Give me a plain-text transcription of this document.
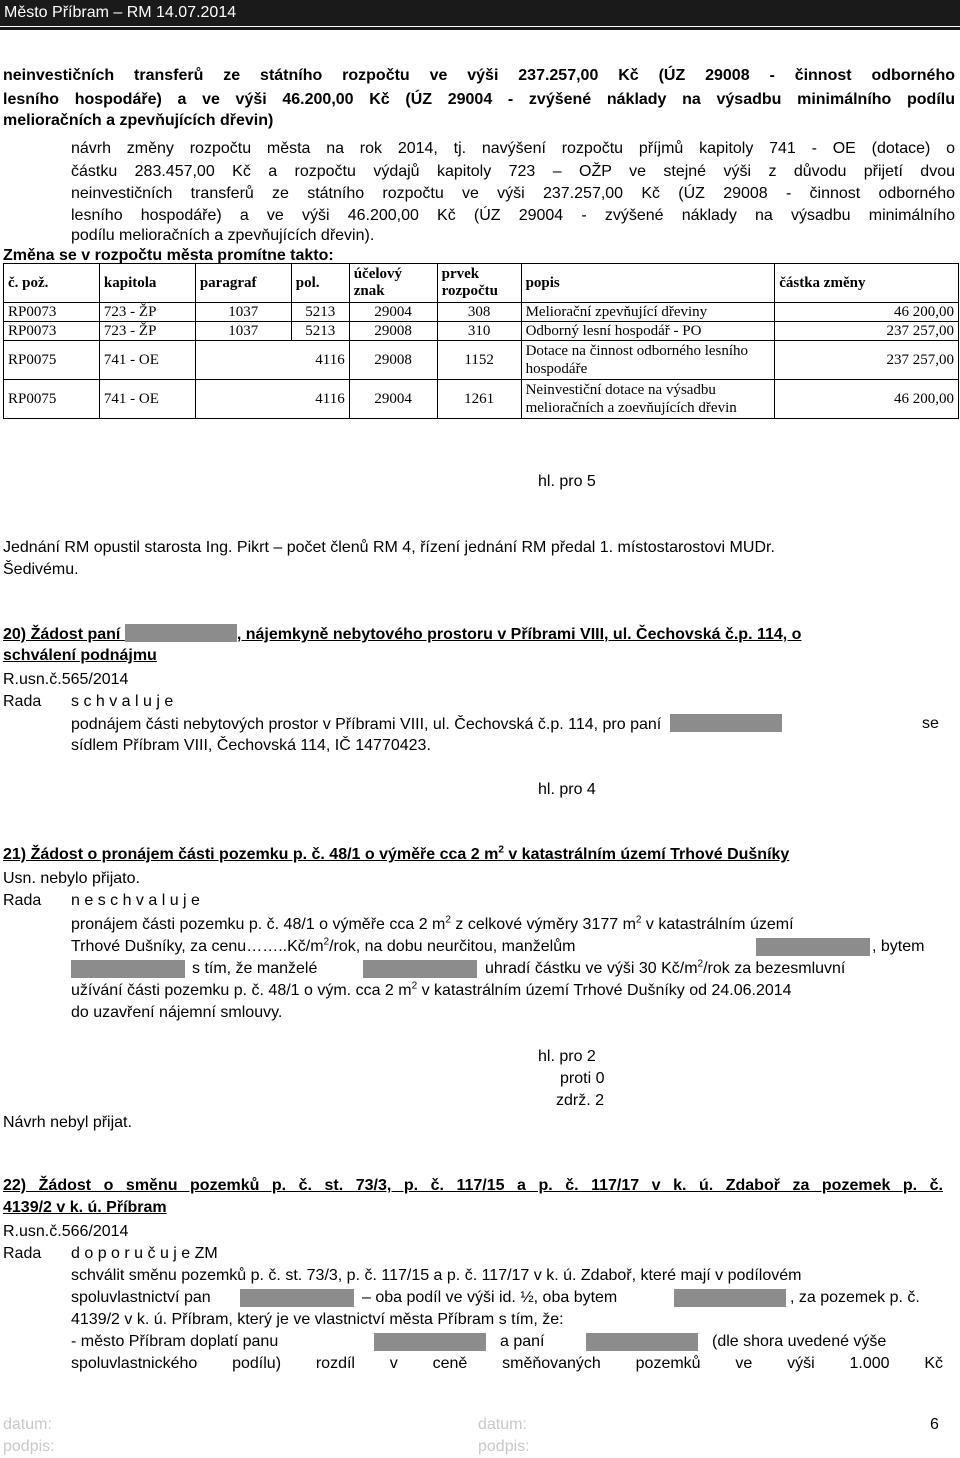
Město Příbram – RM 14.07.2014
neinvestičních transferů ze státního rozpočtu ve výši 237.257,00 Kč (ÚZ 29008 - činnost odborného
lesního hospodáře) a ve výši 46.200,00 Kč (ÚZ 29004 - zvýšené náklady na výsadbu minimálního podílu
melioračních a zpevňujících dřevin)
návrh změny rozpočtu města na rok 2014, tj. navýšení rozpočtu příjmů kapitoly 741 - OE (dotace) o
částku 283.457,00 Kč a rozpočtu výdajů kapitoly 723 – OŽP ve stejné výši z důvodu přijetí dvou
neinvestičních transferů ze státního rozpočtu ve výši 237.257,00 Kč (ÚZ 29008 - činnost odborného
lesního hospodáře) a ve výši 46.200,00 Kč (ÚZ 29004 - zvýšené náklady na výsadbu minimálního
podílu melioračních a zpevňujících dřevin).
Změna se v rozpočtu města promítne takto:
č. pož.	kapitola	paragraf	pol.	účelový znak	prvek rozpočtu	popis	částka změny
RP0073	723 - ŽP	1037	5213	29004	308	Meliorační zpevňující dřeviny	46 200,00
RP0073	723 - ŽP	1037	5213	29008	310	Odborný lesní hospodář - PO	237 257,00
RP0075	741 - OE	4116		29008	1152	Dotace na činnost odborného lesního hospodáře	237 257,00
RP0075	741 - OE	4116		29004	1261	Neinvestiční dotace na výsadbu melioračních a zoevňujících dřevin	46 200,00
hl. pro 5
Jednání RM opustil starosta Ing. Pikrt – počet členů RM 4, řízení jednání RM předal 1. místostarostovi MUDr.
Šedivému.
20) Žádost paní	, nájemkyně nebytového prostoru v Příbrami VIII, ul. Čechovská č.p. 114, o
schválení podnájmu
R.usn.č.565/2014
Rada s c h v a l u j e
podnájem části nebytových prostor v Příbrami VIII, ul. Čechovská č.p. 114, pro paní	se
sídlem Příbram VIII, Čechovská 114, IČ 14770423.
hl. pro 4
21) Žádost o pronájem části pozemku p. č. 48/1 o výměře cca 2 $m^2$ v katastrálním území Trhové Dušníky
Usn. nebylo přijato.
Rada n e s c h v a l u j e
pronájem části pozemku p. č. 48/1 o výměře cca 2 $m^2$ z celkové výměry 3177 $m^2$ v katastrálním území
Trhové Dušníky, za $cenu\dots\dots..Kč/m^2$/rok, na dobu neurčitou, manželům	, bytem
s tím, že manželé	uhradí částku ve výši 30 $Kč/m^2$/rok za bezesmluvní
užívání části pozemku p. č. 48/1 o vým. cca 2 $m^2$ v katastrálním území Trhové Dušníky od 24.06.2014
do uzavření nájemní smlouvy.
hl. pro 2
proti 0
zdrž. 2
Návrh nebyl přijat.
22) Žádost o směnu pozemků p. č. st. 73/3, p. č. 117/15 a p. č. 117/17 v k. ú. Zdaboř za pozemek p. č.
4139/2 v k. ú. Příbram
R.usn.č.566/2014
Rada d o p o r u č u j e ZM
schválit směnu pozemků p. č. st. 73/3, p. č. 117/15 a p. č. 117/17 v k. ú. Zdaboř, které mají v podílovém
spoluvlastnictví pan	– oba podíl ve výši id. ½, oba bytem	, za pozemek p. č.
4139/2 v k. ú. Příbram, který je ve vlastnictví města Příbram s tím, že:
- město Příbram doplatí panu	a paní	(dle shora uvedené výše
spoluvlastnického podílu) rozdíl v ceně směňovaných pozemků ve výši 1.000 Kč
datum:
podpis:
datum:
podpis:
6
